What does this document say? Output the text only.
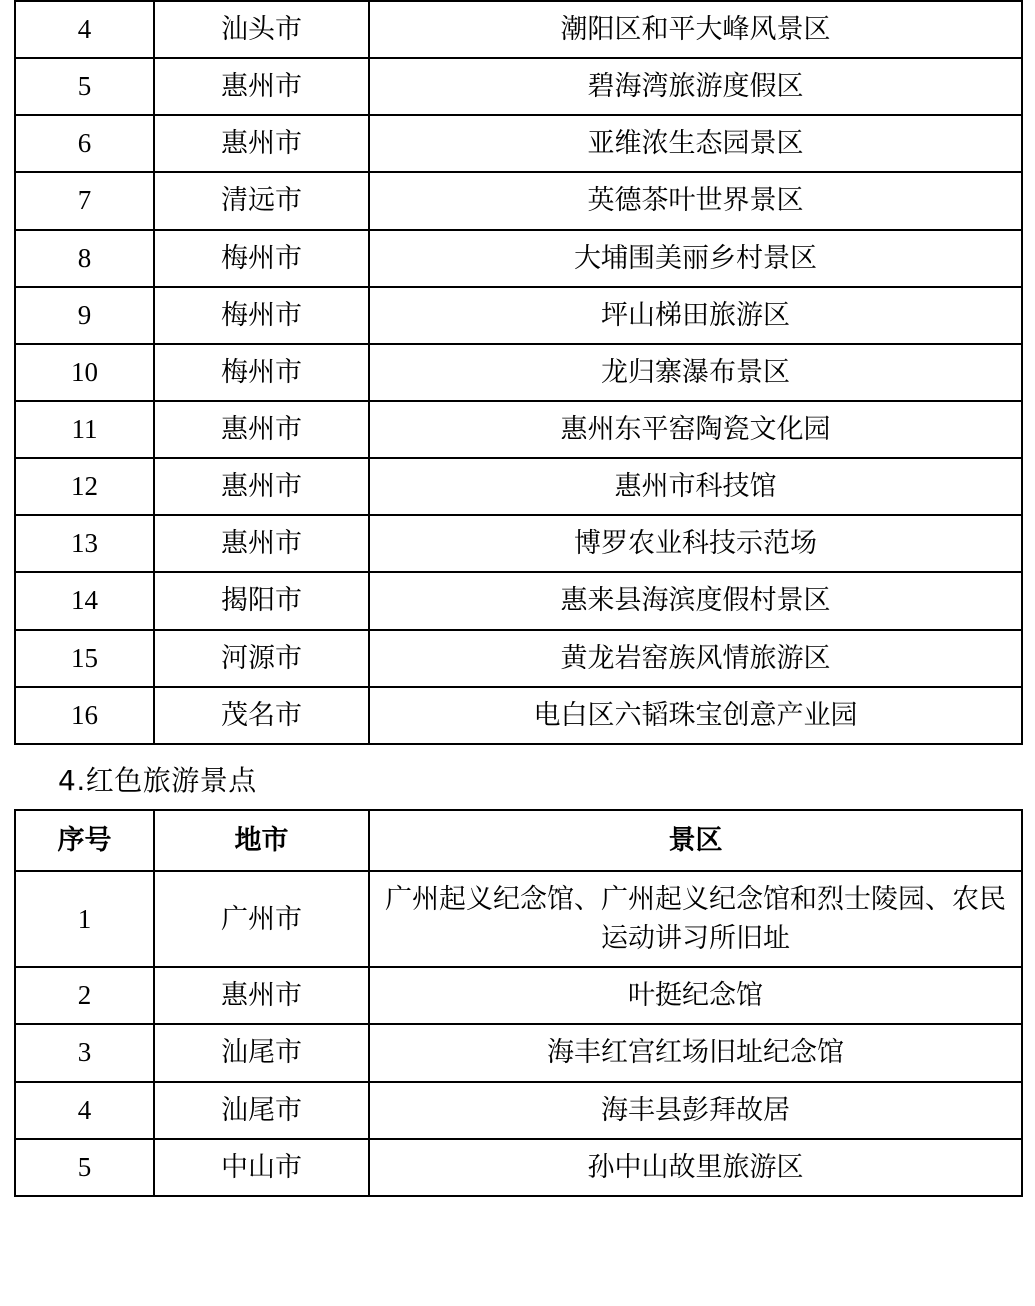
4	汕头市	潮阳区和平大峰风景区
5	惠州市	碧海湾旅游度假区
6	惠州市	亚维浓生态园景区
7	清远市	英德茶叶世界景区
8	梅州市	大埔围美丽乡村景区
9	梅州市	坪山梯田旅游区
10	梅州市	龙归寨瀑布景区
11	惠州市	惠州东平窑陶瓷文化园
12	惠州市	惠州市科技馆
13	惠州市	博罗农业科技示范场
14	揭阳市	惠来县海滨度假村景区
15	河源市	黄龙岩窑族风情旅游区
16	茂名市	电白区六韬珠宝创意产业园
4.红色旅游景点
序号	地市	景区
1	广州市	广州起义纪念馆、广州起义纪念馆和烈士陵园、农民运动讲习所旧址
2	惠州市	叶挺纪念馆
3	汕尾市	海丰红宫红场旧址纪念馆
4	汕尾市	海丰县彭拜故居
5	中山市	孙中山故里旅游区
